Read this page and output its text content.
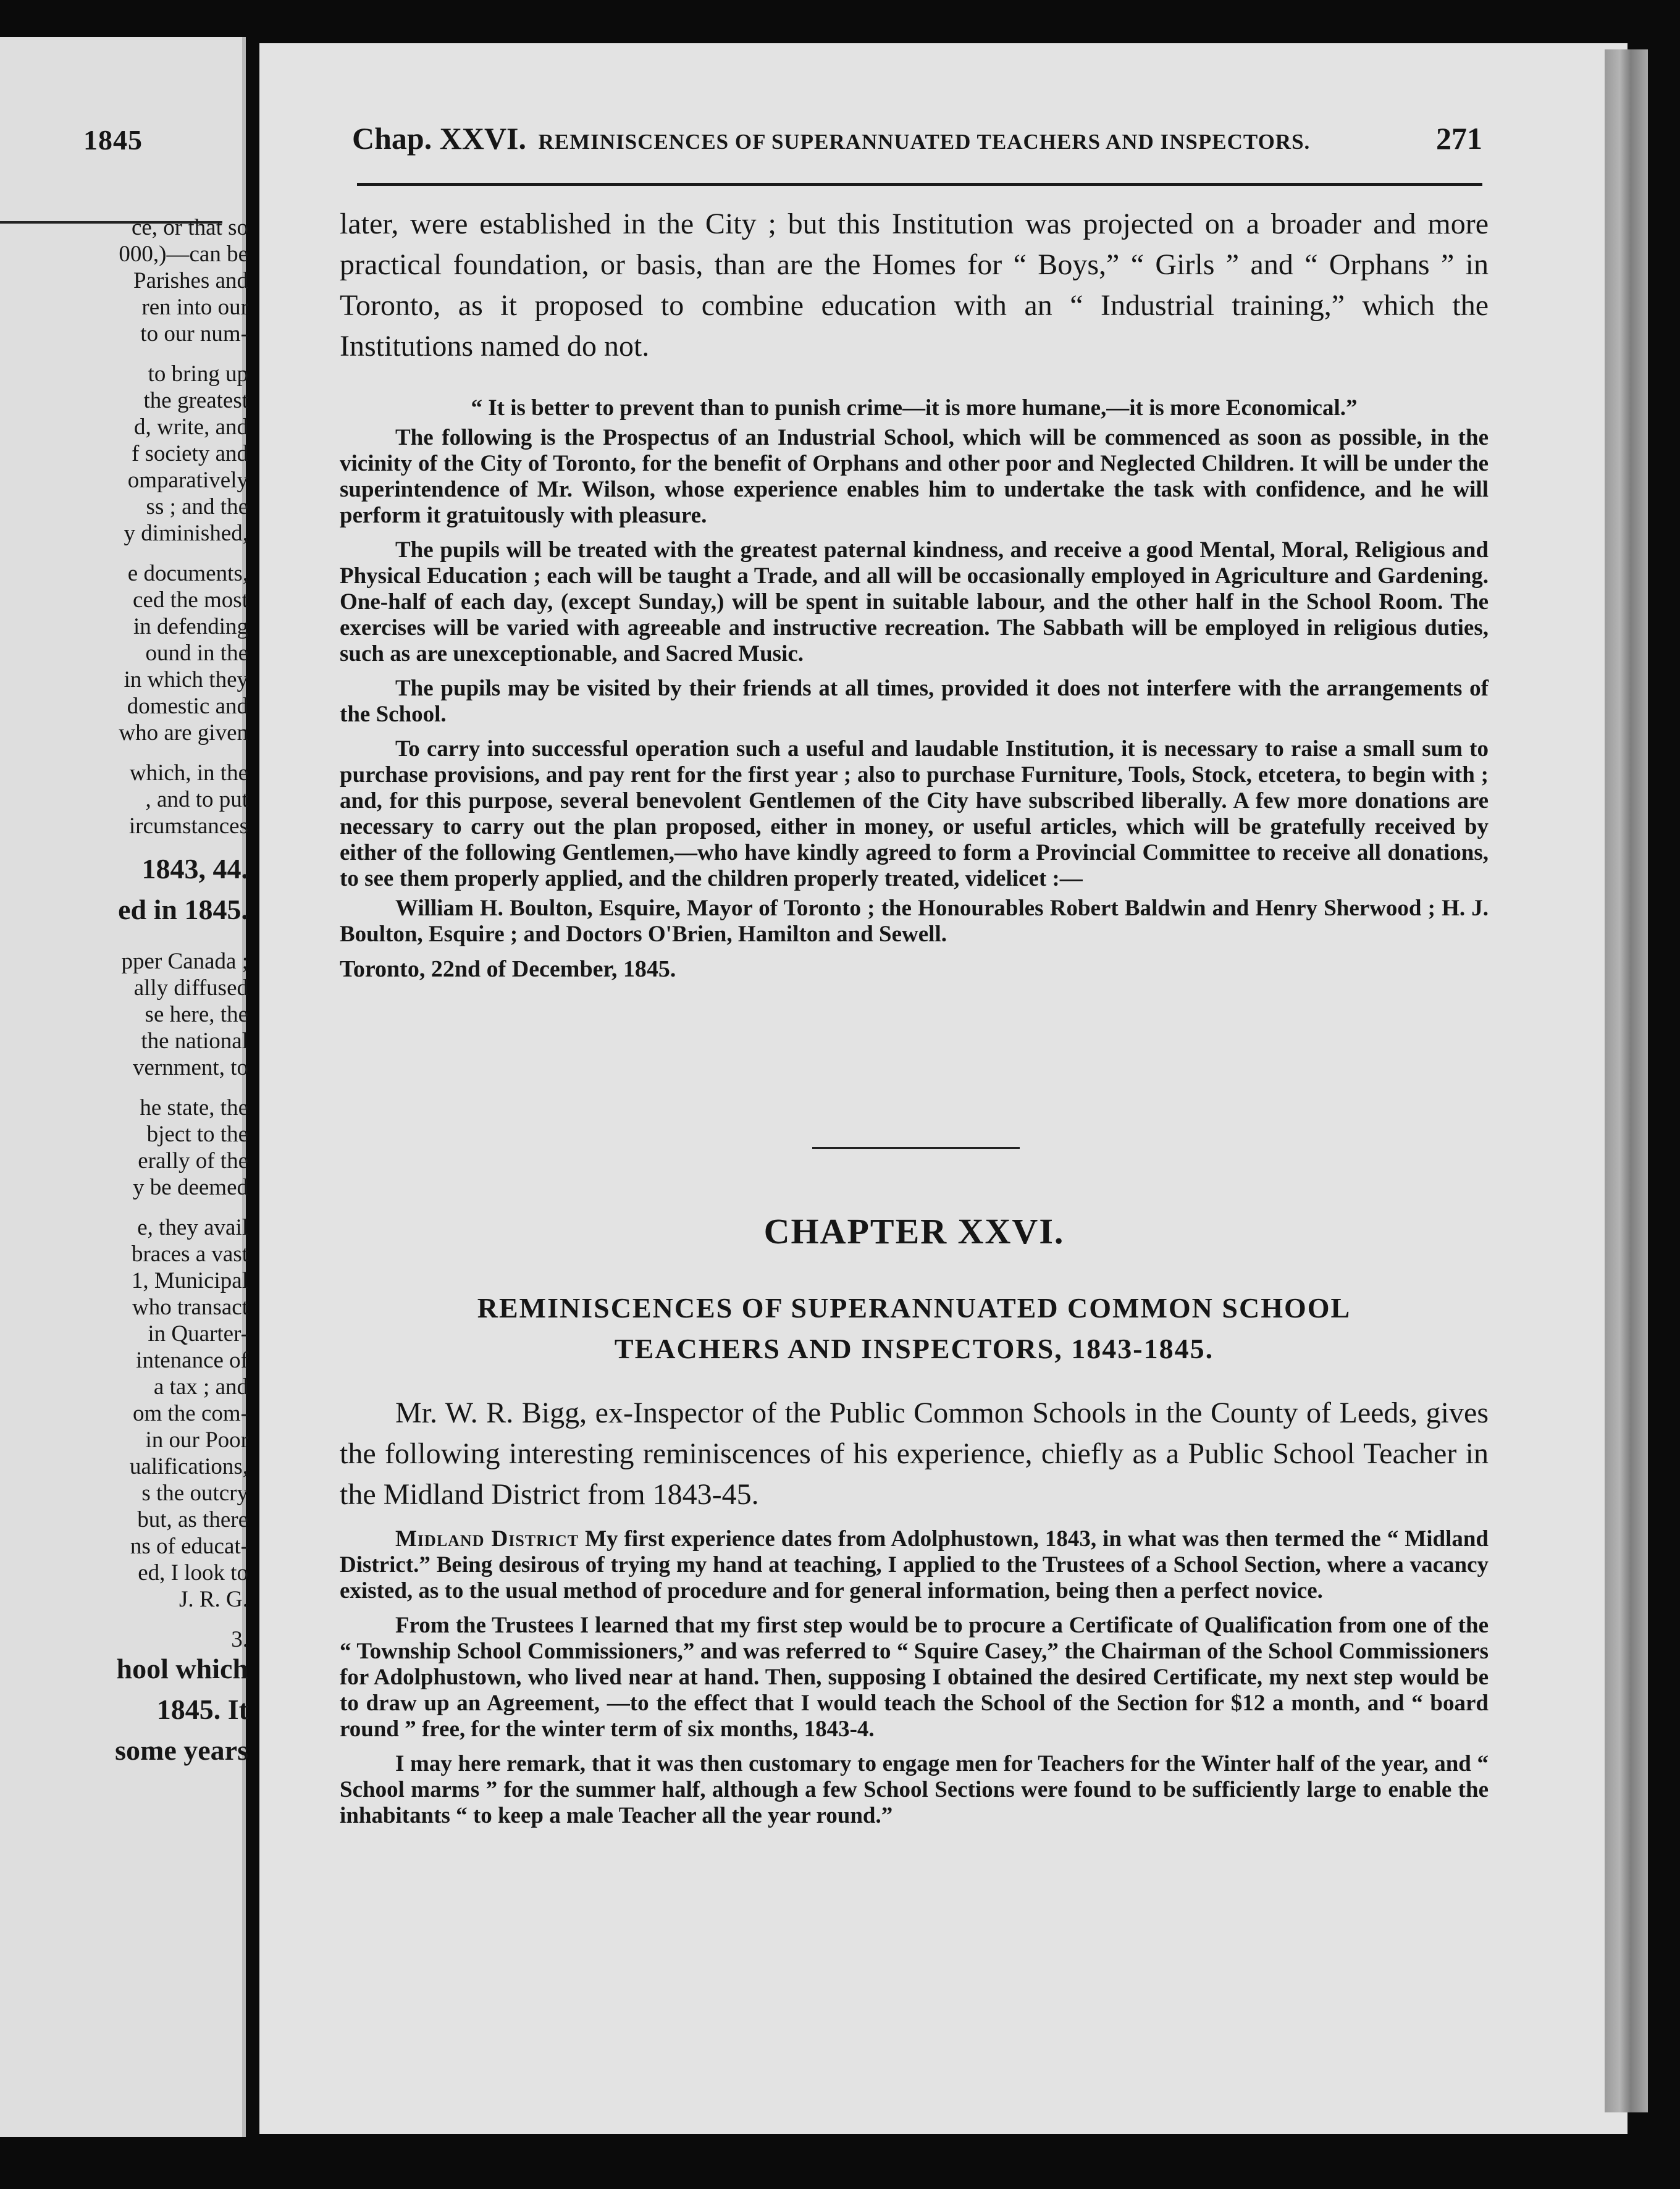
1845
ce, or that so
000,)—can be
Parishes and
ren into our
to our num-
to bring up
the greatest
d, write, and
f society and
omparatively
ss ; and the
y diminished,
e documents,
ced the most
in defending
ound in the
in which they
domestic and
who are given
which, in the
, and to put
ircumstances
1843, 44.
ed in 1845.
pper Canada ;
ally diffused
se here, the
the national
vernment, to
he state, the
bject to the
erally of the
y be deemed
e, they avail
braces a vast
1, Municipal
who transact
in Quarter-
intenance of
a tax ; and
om the com-
in our Poor
ualifications,
s the outcry
but, as there
ns of educat-
ed, I look to
J. R. G.
3.
hool which
1845. It
some years
Chap. XXVI. REMINISCENCES OF SUPERANNUATED TEACHERS AND INSPECTORS.	271

later, were established in the City ; but this Institution was projected on a broader and more practical foundation, or basis, than are the Homes for “ Boys,” “ Girls ” and “ Orphans ” in Toronto, as it proposed to combine education with an “ Industrial training,” which the Institutions named do not.

“ It is better to prevent than to punish crime—it is more humane,—it is more Economical.”

The following is the Prospectus of an Industrial School, which will be commenced as soon as possible, in the vicinity of the City of Toronto, for the benefit of Orphans and other poor and Neglected Children. It will be under the superintendence of Mr. Wilson, whose experience enables him to undertake the task with confidence, and he will perform it gratuitously with pleasure.

The pupils will be treated with the greatest paternal kindness, and receive a good Mental, Moral, Religious and Physical Education ; each will be taught a Trade, and all will be occasionally employed in Agriculture and Gardening. One-half of each day, (except Sunday,) will be spent in suitable labour, and the other half in the School Room. The exercises will be varied with agreeable and instructive recreation. The Sabbath will be employed in religious duties, such as are unexceptionable, and Sacred Music.

The pupils may be visited by their friends at all times, provided it does not interfere with the arrangements of the School.

To carry into successful operation such a useful and laudable Institution, it is necessary to raise a small sum to purchase provisions, and pay rent for the first year ; also to purchase Furniture, Tools, Stock, etcetera, to begin with ; and, for this purpose, several benevolent Gentlemen of the City have subscribed liberally. A few more donations are necessary to carry out the plan proposed, either in money, or useful articles, which will be gratefully received by either of the following Gentlemen,—who have kindly agreed to form a Provincial Committee to receive all donations, to see them properly applied, and the children properly treated, videlicet :—

William H. Boulton, Esquire, Mayor of Toronto ; the Honourables Robert Baldwin and Henry Sherwood ; H. J. Boulton, Esquire ; and Doctors O'Brien, Hamilton and Sewell.

Toronto, 22nd of December, 1845.

CHAPTER XXVI.
REMINISCENCES OF SUPERANNUATED COMMON SCHOOL
TEACHERS AND INSPECTORS, 1843-1845.

Mr. W. R. Bigg, ex-Inspector of the Public Common Schools in the County of Leeds, gives the following interesting reminiscences of his experience, chiefly as a Public School Teacher in the Midland District from 1843-45.

Midland District My first experience dates from Adolphustown, 1843, in what was then termed the “ Midland District.” Being desirous of trying my hand at teaching, I applied to the Trustees of a School Section, where a vacancy existed, as to the usual method of procedure and for general information, being then a perfect novice.

From the Trustees I learned that my first step would be to procure a Certificate of Qualification from one of the “ Township School Commissioners,” and was referred to “ Squire Casey,” the Chairman of the School Commissioners for Adolphustown, who lived near at hand. Then, supposing I obtained the desired Certificate, my next step would be to draw up an Agreement, —to the effect that I would teach the School of the Section for $12 a month, and “ board round ” free, for the winter term of six months, 1843-4.

I may here remark, that it was then customary to engage men for Teachers for the Winter half of the year, and “ School marms ” for the summer half, although a few School Sections were found to be sufficiently large to enable the inhabitants “ to keep a male Teacher all the year round.”
